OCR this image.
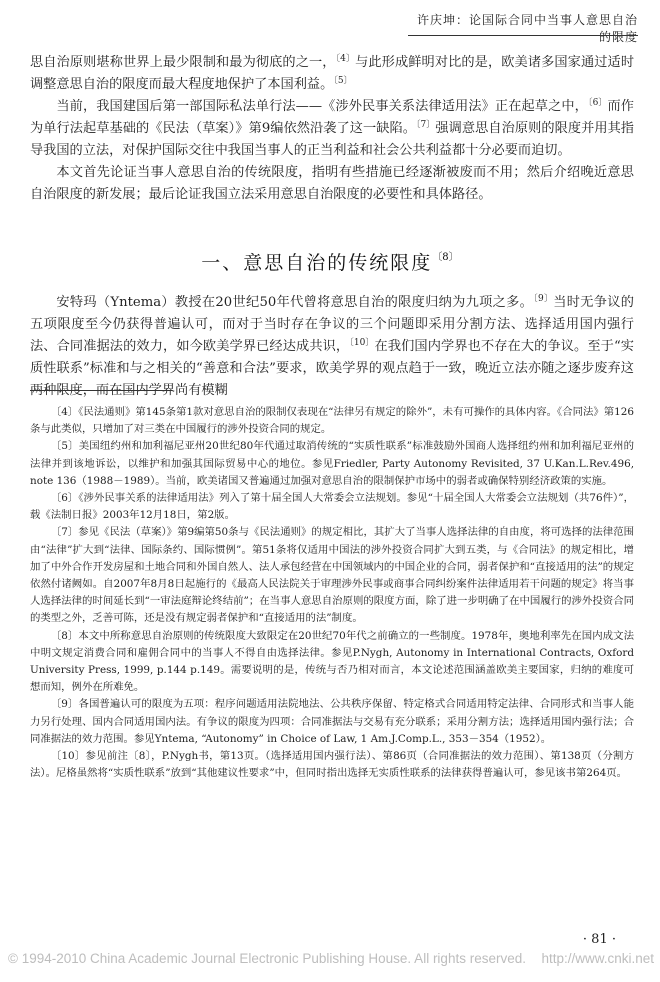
许庆坤：论国际合同中当事人意思自治的限度

思自治原则堪称世界上最少限制和最为彻底的之一，$^{〔4〕}$与此形成鲜明对比的是，欧美诸多国家通过适时调整意思自治的限度而最大程度地保护了本国利益。$^{〔5〕}$

当前，我国建国后第一部国际私法单行法——《涉外民事关系法律适用法》正在起草之中，$^{〔6〕}$而作为单行法起草基础的《民法（草案）》第9编依然沿袭了这一缺陷。$^{〔7〕}$强调意思自治原则的限度并用其指导我国的立法，对保护国际交往中我国当事人的正当利益和社会公共利益都十分必要而迫切。

本文首先论证当事人意思自治的传统限度，指明有些措施已经逐渐被废而不用；然后介绍晚近意思自治限度的新发展；最后论证我国立法采用意思自治限度的必要性和具体路径。

一、意思自治的传统限度$^{〔8〕}$

安特玛（Yntema）教授在20世纪50年代曾将意思自治的限度归纳为九项之多。$^{〔9〕}$当时无争议的五项限度至今仍获得普遍认可，而对于当时存在争议的三个问题即采用分割方法、选择适用国内强行法、合同准据法的效力，如今欧美学界已经达成共识，$^{〔10〕}$在我们国内学界也不存在大的争议。至于“实质性联系”标准和与之相关的“善意和合法”要求，欧美学界的观点趋于一致，晚近立法亦随之逐步废弃这两种限度，而在国内学界尚有模糊

〔4〕《民法通则》第145条第1款对意思自治的限制仅表现在“法律另有规定的除外”，未有可操作的具体内容。《合同法》第126条与此类似，只增加了对三类在中国履行的涉外投资合同的规定。

〔5〕美国纽约州和加利福尼亚州20世纪80年代通过取消传统的“实质性联系”标准鼓励外国商人选择纽约州和加利福尼亚州的法律并到该地诉讼，以维护和加强其国际贸易中心的地位。参见Friedler, Party Autonomy Revisited, 37 U.Kan.L.Rev.496, note 136（1988－1989）。当前，欧美诸国又普遍通过加强对意思自治的限制保护市场中的弱者或确保特别经济政策的实施。

〔6〕《涉外民事关系的法律适用法》列入了第十届全国人大常委会立法规划。参见“十届全国人大常委会立法规划（共76件）”，载《法制日报》2003年12月18日，第2版。

〔7〕参见《民法（草案）》第9编第50条与《民法通则》的规定相比，其扩大了当事人选择法律的自由度，将可选择的法律范围由“法律”扩大到“法律、国际条约、国际惯例”。第51条将仅适用中国法的涉外投资合同扩大到五类，与《合同法》的规定相比，增加了中外合作开发房屋和土地合同和外国自然人、法人承包经营在中国领域内的中国企业的合同，弱者保护和“直接适用的法”的规定依然付诸阙如。自2007年8月8日起施行的《最高人民法院关于审理涉外民事或商事合同纠纷案件法律适用若干问题的规定》将当事人选择法律的时间延长到“一审法庭辩论终结前”；在当事人意思自治原则的限度方面，除了进一步明确了在中国履行的涉外投资合同的类型之外，乏善可陈，还是没有规定弱者保护和“直接适用的法”制度。

〔8〕本文中所称意思自治原则的传统限度大致限定在20世纪70年代之前确立的一些制度。1978年，奥地利率先在国内成文法中明文规定消费合同和雇佣合同中的当事人不得自由选择法律。参见P.Nygh, Autonomy in International Contracts, Oxford University Press, 1999, p.144 p.149。需要说明的是，传统与否乃相对而言，本文论述范围涵盖欧美主要国家，归纳的难度可想而知，例外在所难免。

〔9〕各国普遍认可的限度为五项：程序问题适用法院地法、公共秩序保留、特定格式合同适用特定法律、合同形式和当事人能力另行处理、国内合同适用国内法。有争议的限度为四项：合同准据法与交易有充分联系；采用分割方法；选择适用国内强行法；合同准据法的效力范围。参见Yntema, “Autonomy” in Choice of Law, 1 Am.J.Comp.L., 353－354（1952）。

〔10〕参见前注〔8〕，P.Nygh书，第13页。（选择适用国内强行法）、第86页（合同准据法的效力范围）、第138页（分割方法）。尼格虽然将“实质性联系”放到“其他建议性要求”中，但同时指出选择无实质性联系的法律获得普遍认可，参见该书第264页。

· 81 ·
© 1994-2010 China Academic Journal Electronic Publishing House. All rights reserved. http://www.cnki.net
